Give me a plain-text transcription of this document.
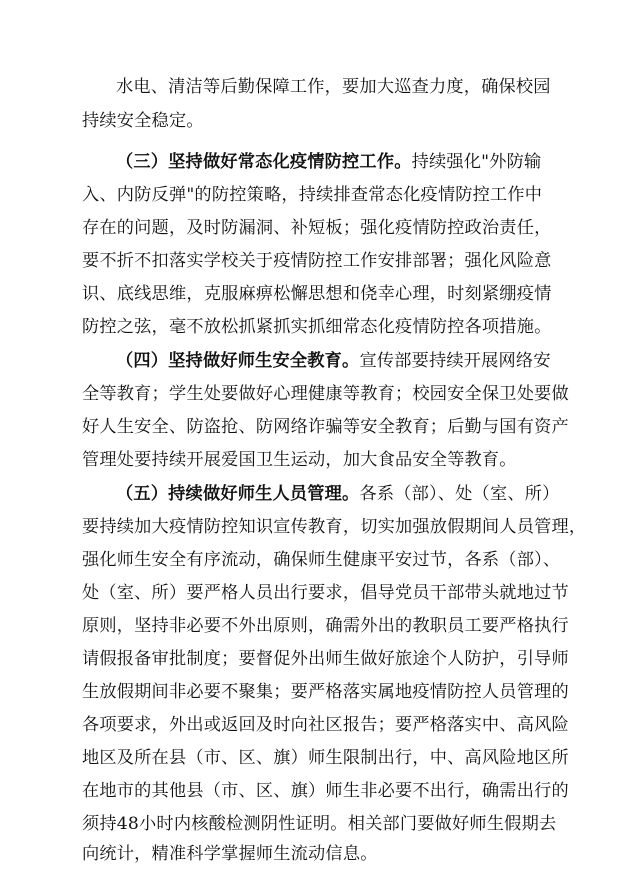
水电、清洁等后勤保障工作，要加大巡查力度，确保校园
持续安全稳定。
（三）坚持做好常态化疫情防控工作。持续强化"外防输
入、内防反弹"的防控策略，持续排查常态化疫情防控工作中
存在的问题，及时防漏洞、补短板；强化疫情防控政治责任，
要不折不扣落实学校关于疫情防控工作安排部署；强化风险意
识、底线思维，克服麻痹松懈思想和侥幸心理，时刻紧绷疫情
防控之弦，毫不放松抓紧抓实抓细常态化疫情防控各项措施。
（四）坚持做好师生安全教育。宣传部要持续开展网络安
全等教育；学生处要做好心理健康等教育；校园安全保卫处要做
好人生安全、防盗抢、防网络诈骗等安全教育；后勤与国有资产
管理处要持续开展爱国卫生运动，加大食品安全等教育。
（五）持续做好师生人员管理。各系（部）、处（室、所）
要持续加大疫情防控知识宣传教育，切实加强放假期间人员管理，
强化师生安全有序流动，确保师生健康平安过节，各系（部）、
处（室、所）要严格人员出行要求，倡导党员干部带头就地过节
原则，坚持非必要不外出原则，确需外出的教职员工要严格执行
请假报备审批制度；要督促外出师生做好旅途个人防护，引导师
生放假期间非必要不聚集；要严格落实属地疫情防控人员管理的
各项要求，外出或返回及时向社区报告；要严格落实中、高风险
地区及所在县（市、区、旗）师生限制出行，中、高风险地区所
在地市的其他县（市、区、旗）师生非必要不出行，确需出行的
须持48小时内核酸检测阴性证明。相关部门要做好师生假期去
向统计，精准科学掌握师生流动信息。
